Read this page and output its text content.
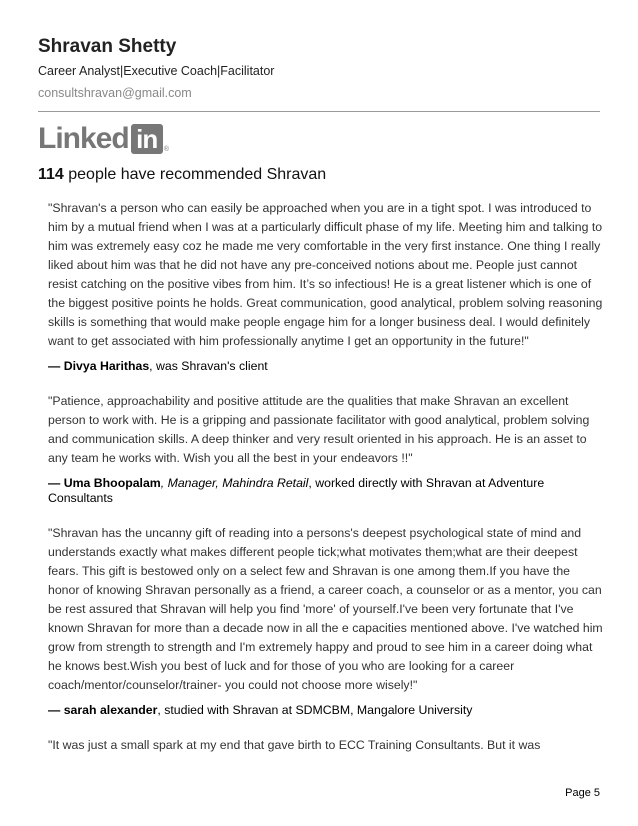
Shravan Shetty
Career Analyst|Executive Coach|Facilitator
consultshravan@gmail.com
Linked in ®
114 people have recommended Shravan

"Shravan's a person who can easily be approached when you are in a tight spot. I was introduced to him by a mutual friend when I was at a particularly difficult phase of my life. Meeting him and talking to him was extremely easy coz he made me very comfortable in the very first instance. One thing I really liked about him was that he did not have any pre-conceived notions about me. People just cannot resist catching on the positive vibes from him. It’s so infectious! He is a great listener which is one of the biggest positive points he holds. Great communication, good analytical, problem solving reasoning skills is something that would make people engage him for a longer business deal. I would definitely want to get associated with him professionally anytime I get an opportunity in the future!"

— Divya Harithas, was Shravan's client

"Patience, approachability and positive attitude are the qualities that make Shravan an excellent person to work with. He is a gripping and passionate facilitator with good analytical, problem solving and communication skills. A deep thinker and very result oriented in his approach. He is an asset to any team he works with. Wish you all the best in your endeavors !!"

— Uma Bhoopalam, Manager, Mahindra Retail, worked directly with Shravan at Adventure Consultants

"Shravan has the uncanny gift of reading into a persons's deepest psychological state of mind and understands exactly what makes different people tick;what motivates them;what are their deepest fears. This gift is bestowed only on a select few and Shravan is one among them.If you have the honor of knowing Shravan personally as a friend, a career coach, a counselor or as a mentor, you can be rest assured that Shravan will help you find 'more' of yourself.I've been very fortunate that I've known Shravan for more than a decade now in all the e capacities mentioned above. I've watched him grow from strength to strength and I'm extremely happy and proud to see him in a career doing what he knows best.Wish you best of luck and for those of you who are looking for a career coach/mentor/counselor/trainer- you could not choose more wisely!"

— sarah alexander, studied with Shravan at SDMCBM, Mangalore University

"It was just a small spark at my end that gave birth to ECC Training Consultants. But it was

Page 5
